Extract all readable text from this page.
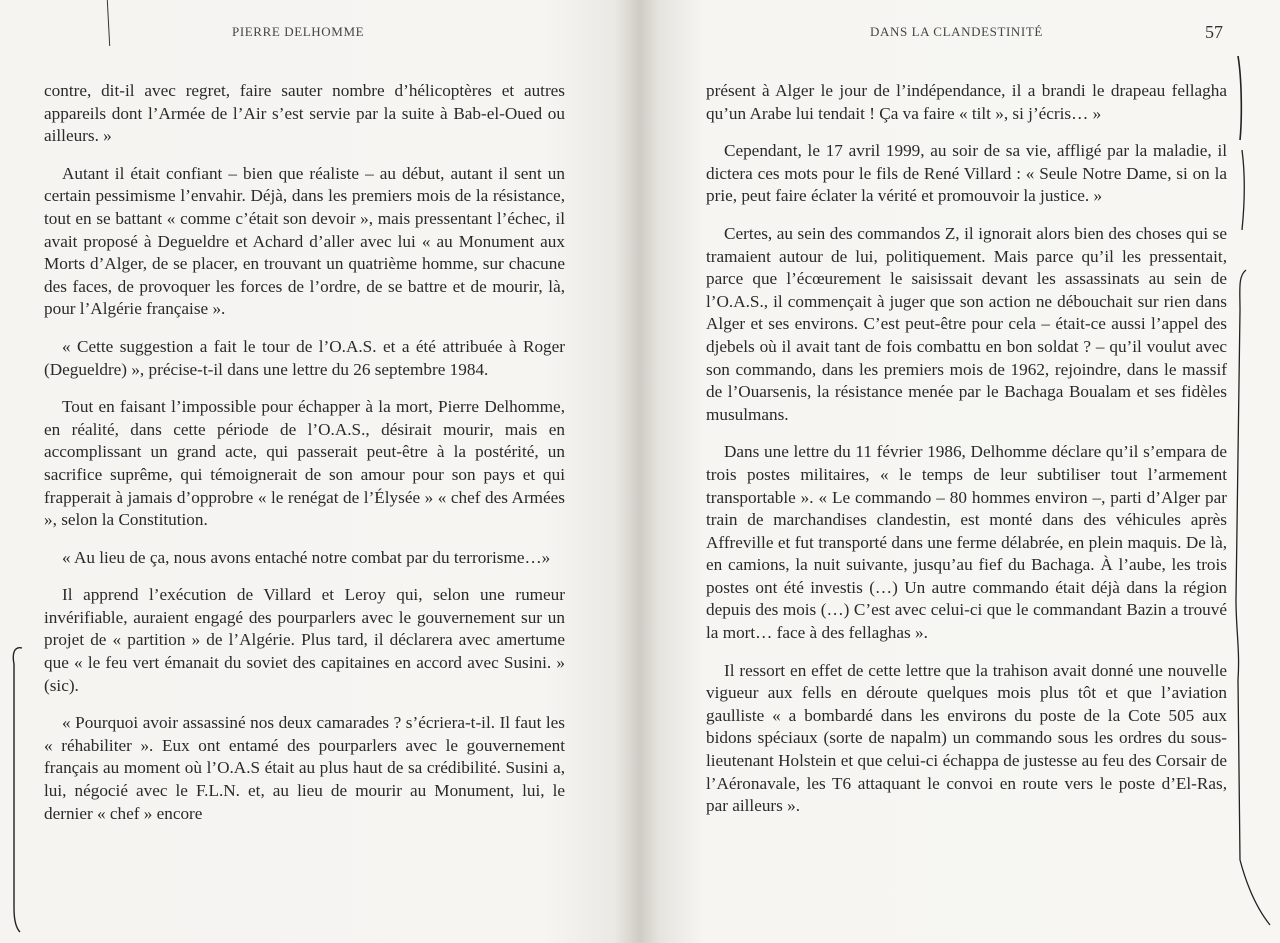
PIERRE DELHOMME

contre, dit-il avec regret, faire sauter nombre d’hélicoptères et autres appareils dont l’Armée de l’Air s’est servie par la suite à Bab-el-Oued ou ailleurs. »

Autant il était confiant – bien que réaliste – au début, autant il sent un certain pessimisme l’envahir. Déjà, dans les premiers mois de la résistance, tout en se battant « comme c’était son devoir », mais pressentant l’échec, il avait proposé à Degueldre et Achard d’aller avec lui « au Monument aux Morts d’Alger, de se placer, en trouvant un quatrième homme, sur chacune des faces, de provoquer les forces de l’ordre, de se battre et de mourir, là, pour l’Algérie française ».

« Cette suggestion a fait le tour de l’O.A.S. et a été attribuée à Roger (Degueldre) », précise-t-il dans une lettre du 26 septembre 1984.

Tout en faisant l’impossible pour échapper à la mort, Pierre Delhomme, en réalité, dans cette période de l’O.A.S., désirait mourir, mais en accomplissant un grand acte, qui passerait peut-être à la postérité, un sacrifice suprême, qui témoignerait de son amour pour son pays et qui frapperait à jamais d’opprobre « le renégat de l’Élysée » « chef des Armées », selon la Constitution.

« Au lieu de ça, nous avons entaché notre combat par du terrorisme…»

Il apprend l’exécution de Villard et Leroy qui, selon une rumeur invérifiable, auraient engagé des pourparlers avec le gouvernement sur un projet de « partition » de l’Algérie. Plus tard, il déclarera avec amertume que « le feu vert émanait du soviet des capitaines en accord avec Susini. » (sic).

« Pourquoi avoir assassiné nos deux camarades ? s’écriera-t-il. Il faut les « réhabiliter ». Eux ont entamé des pourparlers avec le gouvernement français au moment où l’O.A.S était au plus haut de sa crédibilité. Susini a, lui, négocié avec le F.L.N. et, au lieu de mourir au Monument, lui, le dernier « chef » encore

DANS LA CLANDESTINITÉ	57

présent à Alger le jour de l’indépendance, il a brandi le drapeau fellagha qu’un Arabe lui tendait ! Ça va faire « tilt », si j’écris… »

Cependant, le 17 avril 1999, au soir de sa vie, affligé par la maladie, il dictera ces mots pour le fils de René Villard : « Seule Notre Dame, si on la prie, peut faire éclater la vérité et promouvoir la justice. »

Certes, au sein des commandos Z, il ignorait alors bien des choses qui se tramaient autour de lui, politiquement. Mais parce qu’il les pressentait, parce que l’écœurement le saisissait devant les assassinats au sein de l’O.A.S., il commençait à juger que son action ne débouchait sur rien dans Alger et ses environs. C’est peut-être pour cela – était-ce aussi l’appel des djebels où il avait tant de fois combattu en bon soldat ? – qu’il voulut avec son commando, dans les premiers mois de 1962, rejoindre, dans le massif de l’Ouarsenis, la résistance menée par le Bachaga Boualam et ses fidèles musulmans.

Dans une lettre du 11 février 1986, Delhomme déclare qu’il s’empara de trois postes militaires, « le temps de leur subtiliser tout l’armement transportable ». « Le commando – 80 hommes environ –, parti d’Alger par train de marchandises clandestin, est monté dans des véhicules après Affreville et fut transporté dans une ferme délabrée, en plein maquis. De là, en camions, la nuit suivante, jusqu’au fief du Bachaga. À l’aube, les trois postes ont été investis (…) Un autre commando était déjà dans la région depuis des mois (…) C’est avec celui-ci que le commandant Bazin a trouvé la mort… face à des fellaghas ».

Il ressort en effet de cette lettre que la trahison avait donné une nouvelle vigueur aux fells en déroute quelques mois plus tôt et que l’aviation gaulliste « a bombardé dans les environs du poste de la Cote 505 aux bidons spéciaux (sorte de napalm) un commando sous les ordres du sous-lieutenant Holstein et que celui-ci échappa de justesse au feu des Corsair de l’Aéronavale, les T6 attaquant le convoi en route vers le poste d’El-Ras, par ailleurs ».
